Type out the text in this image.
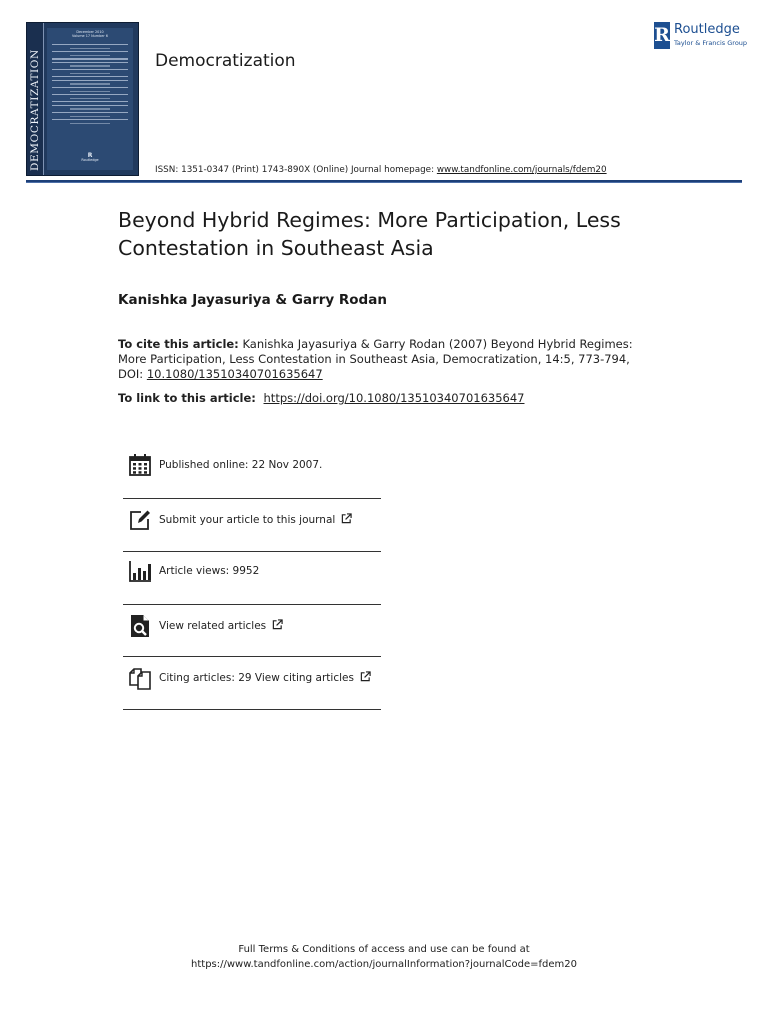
DEMOCRATIZATION
December 2010
Volume 17 Number 6
R
Routledge
Democratization
R Routledge
Taylor & Francis Group
ISSN: 1351-0347 (Print) 1743-890X (Online) Journal homepage: www.tandfonline.com/journals/fdem20
Beyond Hybrid Regimes: More Participation, Less Contestation in Southeast Asia
Kanishka Jayasuriya & Garry Rodan
To cite this article: Kanishka Jayasuriya & Garry Rodan (2007) Beyond Hybrid Regimes: More Participation, Less Contestation in Southeast Asia, Democratization, 14:5, 773-794, DOI: 10.1080/13510340701635647
To link to this article: https://doi.org/10.1080/13510340701635647
Published online: 22 Nov 2007.
Submit your article to this journal
Article views: 9952
View related articles
Citing articles: 29 View citing articles
Full Terms & Conditions of access and use can be found at
https://www.tandfonline.com/action/journalInformation?journalCode=fdem20
